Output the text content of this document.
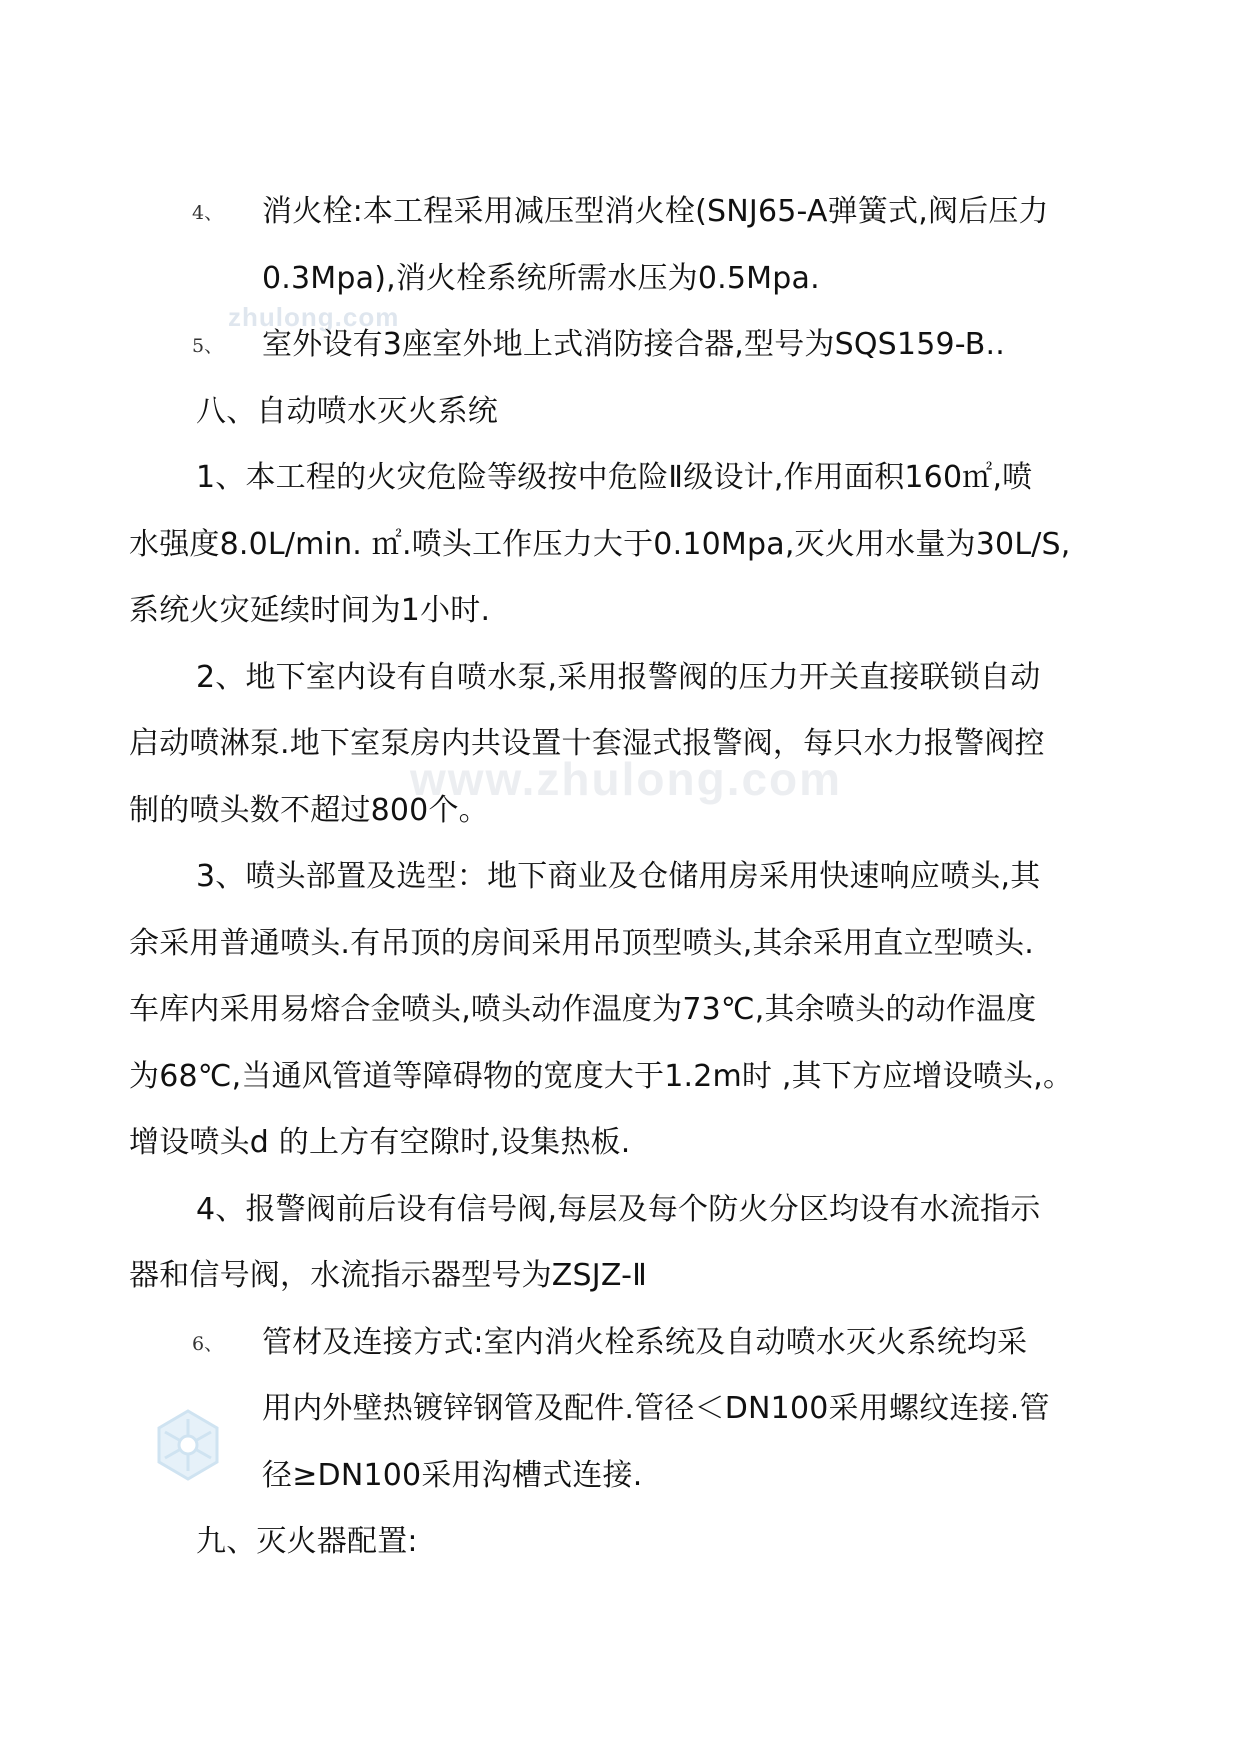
zhulong.com
www.zhulong.com
4、 消火栓:本工程采用减压型消火栓(SNJ65-A弹簧式,阀后压力
0.3Mpa),消火栓系统所需水压为0.5Mpa.
5、 室外设有3座室外地上式消防接合器,型号为SQS159-B..
八、自动喷水灭火系统
1、本工程的火灾危险等级按中危险Ⅱ级设计,作用面积160㎡,喷
水强度8.0L/min. ㎡.喷头工作压力大于0.10Mpa,灭火用水量为30L/S,
系统火灾延续时间为1小时.
2、地下室内设有自喷水泵,采用报警阀的压力开关直接联锁自动
启动喷淋泵.地下室泵房内共设置十套湿式报警阀，每只水力报警阀控
制的喷头数不超过800个。
3、喷头部置及选型：地下商业及仓储用房采用快速响应喷头,其
余采用普通喷头.有吊顶的房间采用吊顶型喷头,其余采用直立型喷头.
车库内采用易熔合金喷头,喷头动作温度为73℃,其余喷头的动作温度
为68℃,当通风管道等障碍物的宽度大于1.2m时 ,其下方应增设喷头,。
增设喷头d 的上方有空隙时,设集热板.
4、报警阀前后设有信号阀,每层及每个防火分区均设有水流指示
器和信号阀，水流指示器型号为ZSJZ-Ⅱ
6、 管材及连接方式:室内消火栓系统及自动喷水灭火系统均采
用内外壁热镀锌钢管及配件.管径＜DN100采用螺纹连接.管
径≥DN100采用沟槽式连接.
九、灭火器配置:
